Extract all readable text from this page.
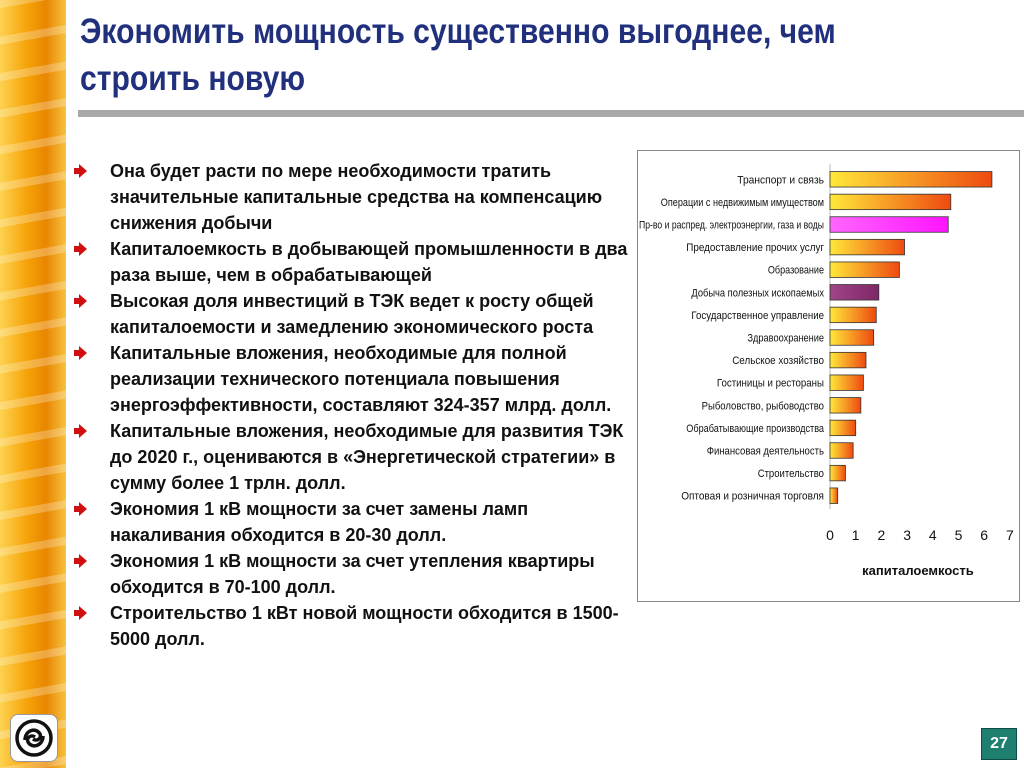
Экономить мощность существенно выгоднее, чем строить новую
Она будет расти по мере необходимости тратить значительные капитальные средства на компенсацию снижения добычи
Капиталоемкость в добывающей промышленности в два раза выше, чем в обрабатывающей
Высокая доля инвестиций в ТЭК ведет к росту общей капиталоемости и замедлению экономического роста
Капитальные вложения, необходимые для полной реализации технического потенциала повышения энергоэффективности, составляют 324-357 млрд. долл.
Капитальные вложения, необходимые для развития ТЭК до 2020 г., оцениваются в «Энергетической стратегии» в сумму более 1 трлн. долл.
Экономия 1 кВ мощности за счет замены ламп накаливания обходится в 20-30 долл.
Экономия 1 кВ мощности за счет утепления квартиры обходится в 70-100 долл.
Строительство 1 кВт новой мощности обходится в 1500-5000 долл.
Транспорт и связь
Операции с недвижимым имуществом
Пр-во и распред. электроэнергии, газа и воды
Предоставление прочих услуг
Образование
Добыча полезных ископаемых
Государственное управление
Здравоохранение
Сельское хозяйство
Гостиницы и рестораны
Рыболовство, рыбоводство
Обрабатывающие производства
Финансовая деятельность
Строительство
Оптовая и розничная торговля
0 1 2 3 4 5 6 7
капиталоемкость
27
